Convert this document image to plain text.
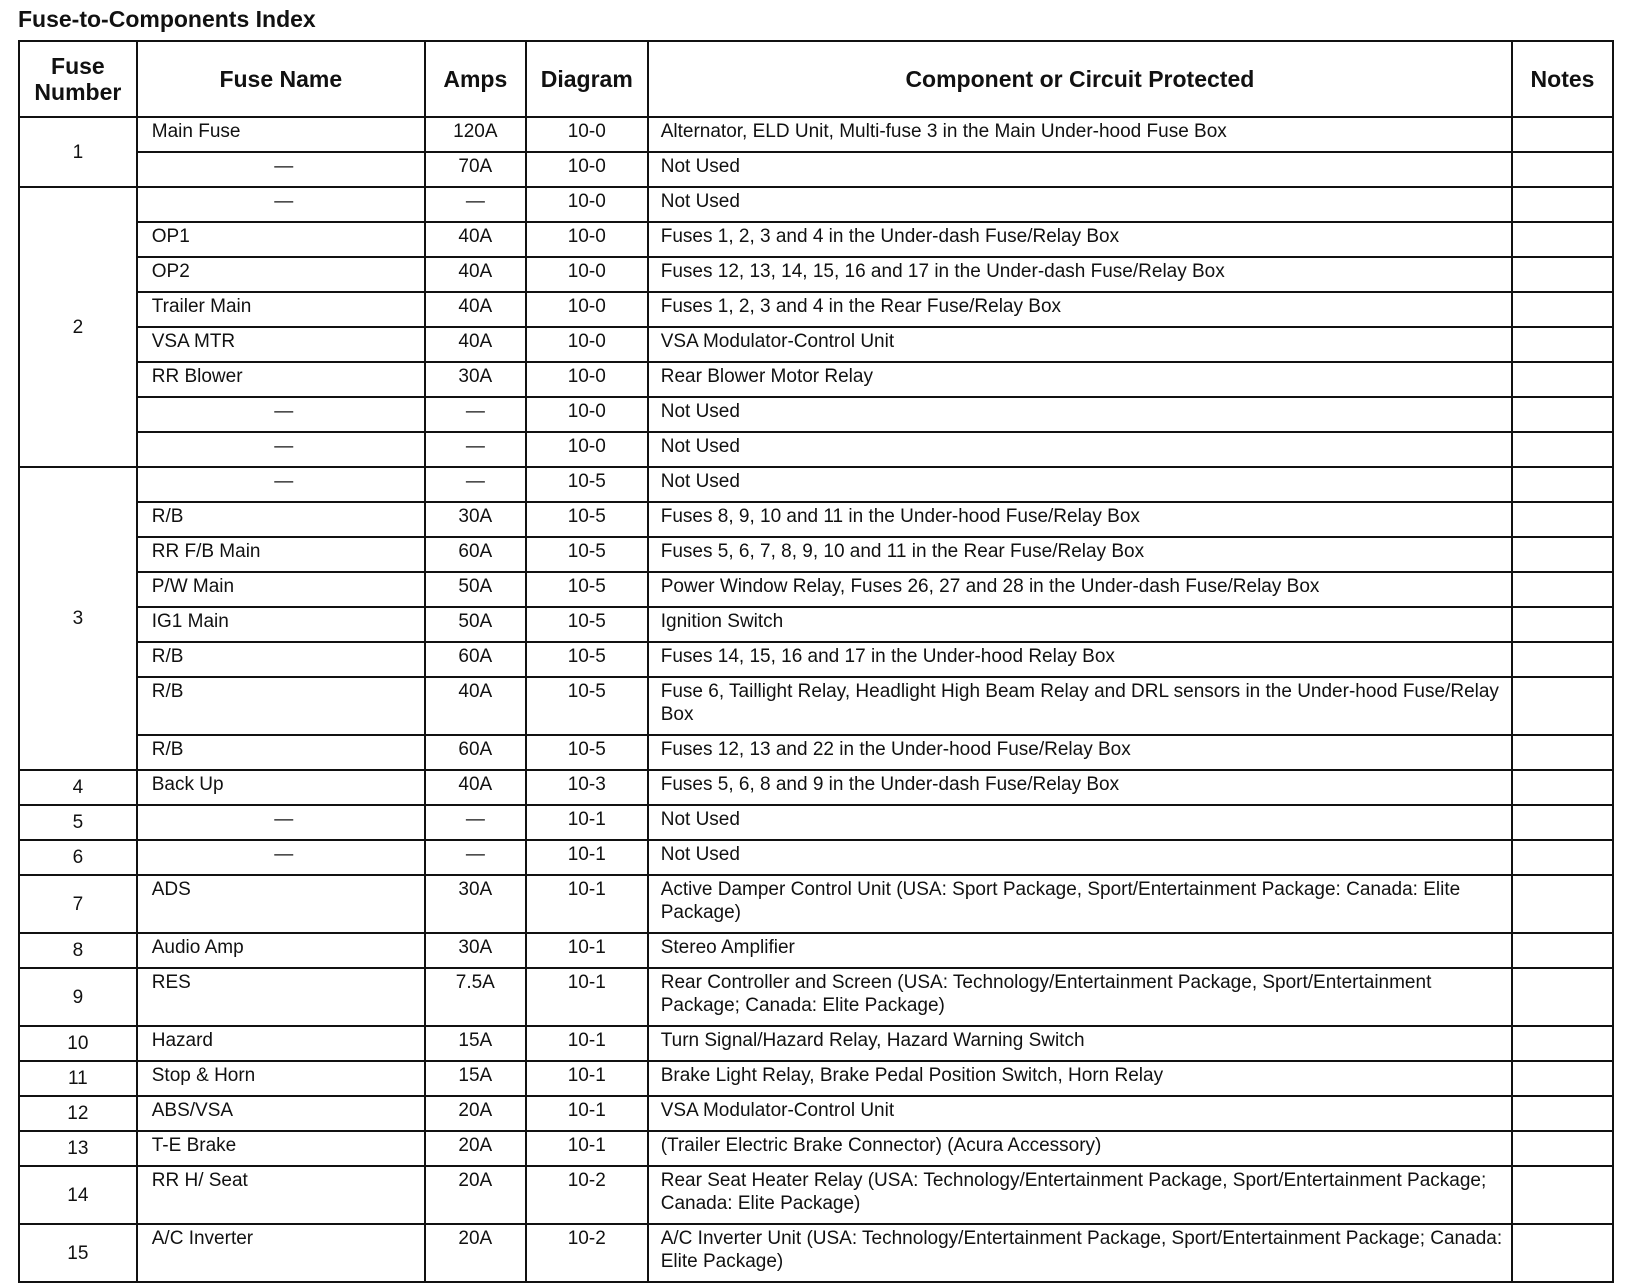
Fuse-to-Components Index
Fuse Number	Fuse Name	Amps	Diagram	Component or Circuit Protected	Notes
1	Main Fuse	120A	10-0	Alternator, ELD Unit, Multi-fuse 3 in the Main Under-hood Fuse Box	
	—	70A	10-0	Not Used	
2	—	—	10-0	Not Used	
	OP1	40A	10-0	Fuses 1, 2, 3 and 4 in the Under-dash Fuse/Relay Box	
	OP2	40A	10-0	Fuses 12, 13, 14, 15, 16 and 17 in the Under-dash Fuse/Relay Box	
	Trailer Main	40A	10-0	Fuses 1, 2, 3 and 4 in the Rear Fuse/Relay Box	
	VSA MTR	40A	10-0	VSA Modulator-Control Unit	
	RR Blower	30A	10-0	Rear Blower Motor Relay	
	—	—	10-0	Not Used	
	—	—	10-0	Not Used	
3	—	—	10-5	Not Used	
	R/B	30A	10-5	Fuses 8, 9, 10 and 11 in the Under-hood Fuse/Relay Box	
	RR F/B Main	60A	10-5	Fuses 5, 6, 7, 8, 9, 10 and 11 in the Rear Fuse/Relay Box	
	P/W Main	50A	10-5	Power Window Relay, Fuses 26, 27 and 28 in the Under-dash Fuse/Relay Box	
	IG1 Main	50A	10-5	Ignition Switch	
	R/B	60A	10-5	Fuses 14, 15, 16 and 17 in the Under-hood Relay Box	
	R/B	40A	10-5	Fuse 6, Taillight Relay, Headlight High Beam Relay and DRL sensors in the Under-hood Fuse/Relay Box	
	R/B	60A	10-5	Fuses 12, 13 and 22 in the Under-hood Fuse/Relay Box	
4	Back Up	40A	10-3	Fuses 5, 6, 8 and 9 in the Under-dash Fuse/Relay Box	
5	—	—	10-1	Not Used	
6	—	—	10-1	Not Used	
7	ADS	30A	10-1	Active Damper Control Unit (USA: Sport Package, Sport/Entertainment Package: Canada: Elite Package)	
8	Audio Amp	30A	10-1	Stereo Amplifier	
9	RES	7.5A	10-1	Rear Controller and Screen (USA: Technology/Entertainment Package, Sport/Entertainment Package; Canada: Elite Package)	
10	Hazard	15A	10-1	Turn Signal/Hazard Relay, Hazard Warning Switch	
11	Stop & Horn	15A	10-1	Brake Light Relay, Brake Pedal Position Switch, Horn Relay	
12	ABS/VSA	20A	10-1	VSA Modulator-Control Unit	
13	T-E Brake	20A	10-1	(Trailer Electric Brake Connector) (Acura Accessory)	
14	RR H/ Seat	20A	10-2	Rear Seat Heater Relay (USA: Technology/Entertainment Package, Sport/Entertainment Package; Canada: Elite Package)	
15	A/C Inverter	20A	10-2	A/C Inverter Unit (USA: Technology/Entertainment Package, Sport/Entertainment Package; Canada: Elite Package)	
